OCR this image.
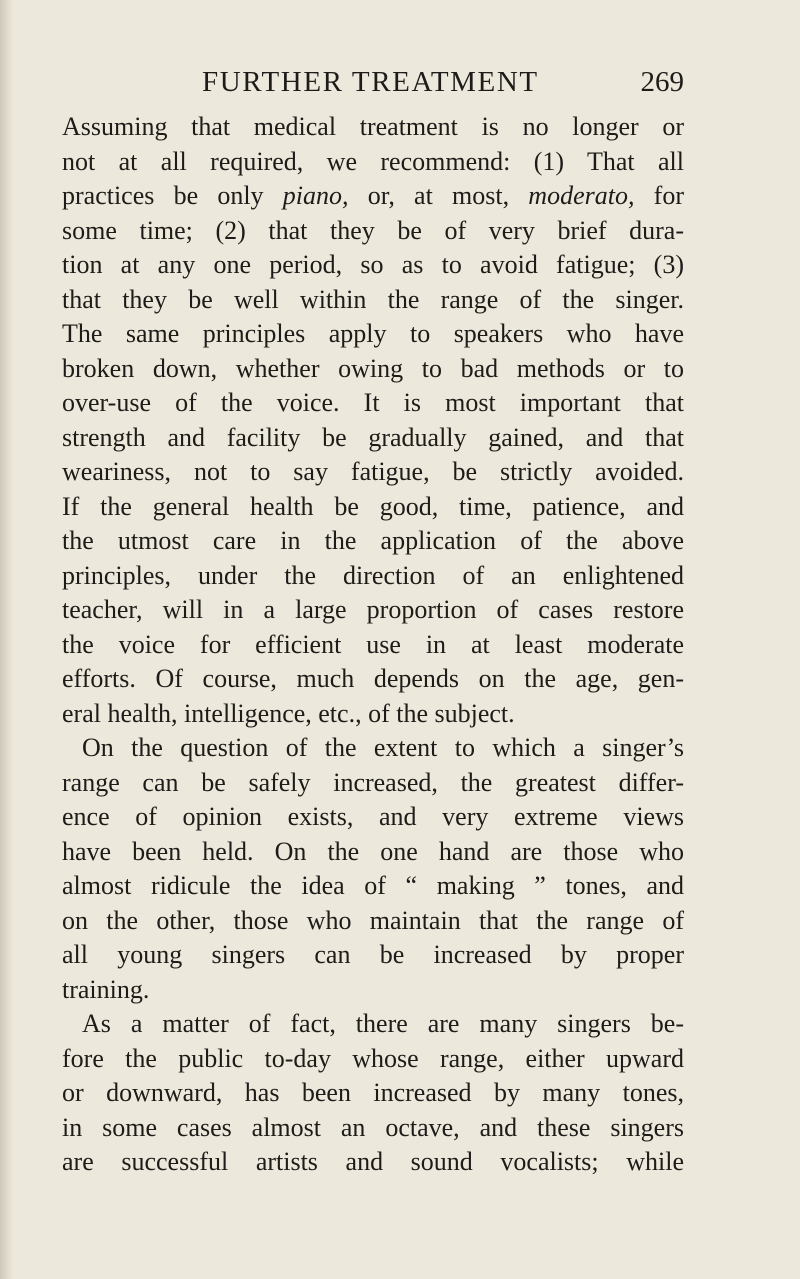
FURTHER TREATMENT	269
Assuming that medical treatment is no longer or
not at all required, we recommend: (1) That all
practices be only piano, or, at most, moderato, for
some time; (2) that they be of very brief dura-
tion at any one period, so as to avoid fatigue; (3)
that they be well within the range of the singer.
The same principles apply to speakers who have
broken down, whether owing to bad methods or to
over-use of the voice. It is most important that
strength and facility be gradually gained, and that
weariness, not to say fatigue, be strictly avoided.
If the general health be good, time, patience, and
the utmost care in the application of the above
principles, under the direction of an enlightened
teacher, will in a large proportion of cases restore
the voice for efficient use in at least moderate
efforts. Of course, much depends on the age, gen-
eral health, intelligence, etc., of the subject.
On the question of the extent to which a singer’s
range can be safely increased, the greatest differ-
ence of opinion exists, and very extreme views
have been held. On the one hand are those who
almost ridicule the idea of “ making ” tones, and
on the other, those who maintain that the range of
all young singers can be increased by proper
training.
As a matter of fact, there are many singers be-
fore the public to-day whose range, either upward
or downward, has been increased by many tones,
in some cases almost an octave, and these singers
are successful artists and sound vocalists; while
